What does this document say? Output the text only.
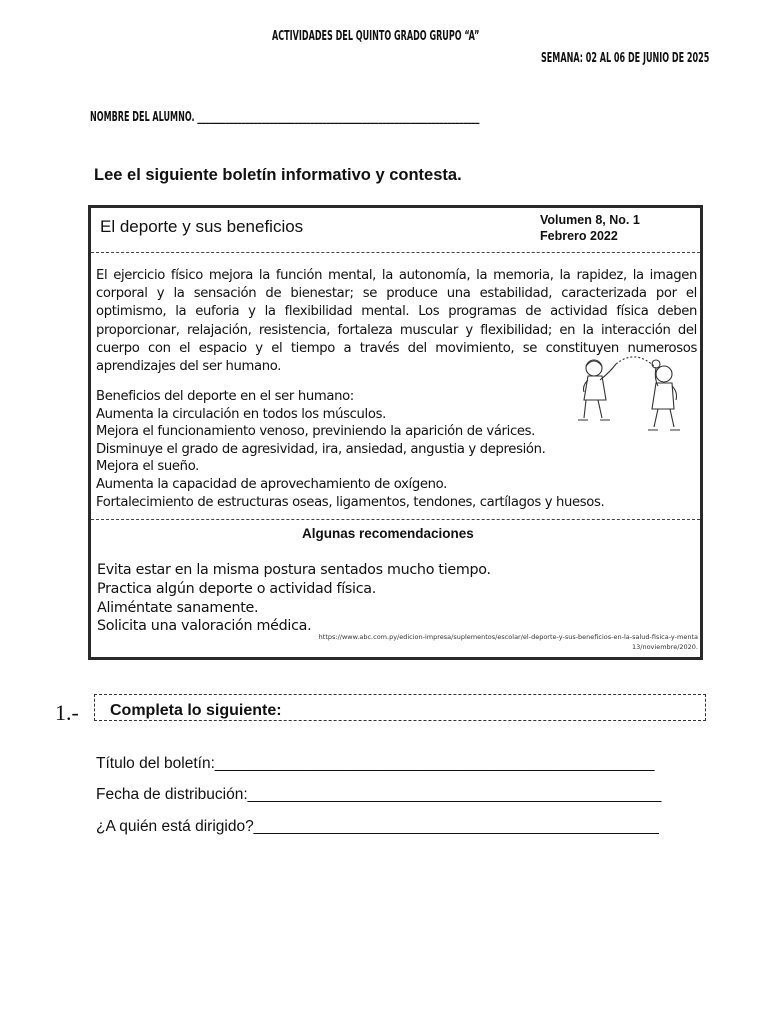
ACTIVIDADES DEL QUINTO GRADO GRUPO “A”
SEMANA: 02 AL 06 DE JUNIO DE 2025
NOMBRE DEL ALUMNO. ______________________________________________________________________
Lee el siguiente boletín informativo y contesta.
El deporte y sus beneficios	Volumen 8, No. 1
Febrero 2022
El ejercicio físico mejora la función mental, la autonomía, la memoria, la rapidez, la imagen corporal y la sensación de bienestar; se produce una estabilidad, caracterizada por el optimismo, la euforia y la flexibilidad mental. Los programas de actividad física deben proporcionar, relajación, resistencia, fortaleza muscular y flexibilidad; en la interacción del cuerpo con el espacio y el tiempo a través del movimiento, se constituyen numerosos aprendizajes del ser humano.
Beneficios del deporte en el ser humano:
Aumenta la circulación en todos los músculos.
Mejora el funcionamiento venoso, previniendo la aparición de várices.
Disminuye el grado de agresividad, ira, ansiedad, angustia y depresión.
Mejora el sueño.
Aumenta la capacidad de aprovechamiento de oxígeno.
Fortalecimiento de estructuras oseas, ligamentos, tendones, cartílagos y huesos.
Algunas recomendaciones
Evita estar en la misma postura sentados mucho tiempo.
Practica algún deporte o actividad física.
Aliméntate sanamente.
Solicita una valoración médica.
https://www.abc.com.py/edicion-impresa/suplementos/escolar/el-deporte-y-sus-beneficios-en-la-salud-fisica-y-menta
13/noviembre/2020.
1.- Completa lo siguiente:
Título del boletín:___________________________________________________
Fecha de distribución:________________________________________________
¿A quién está dirigido?_______________________________________________
